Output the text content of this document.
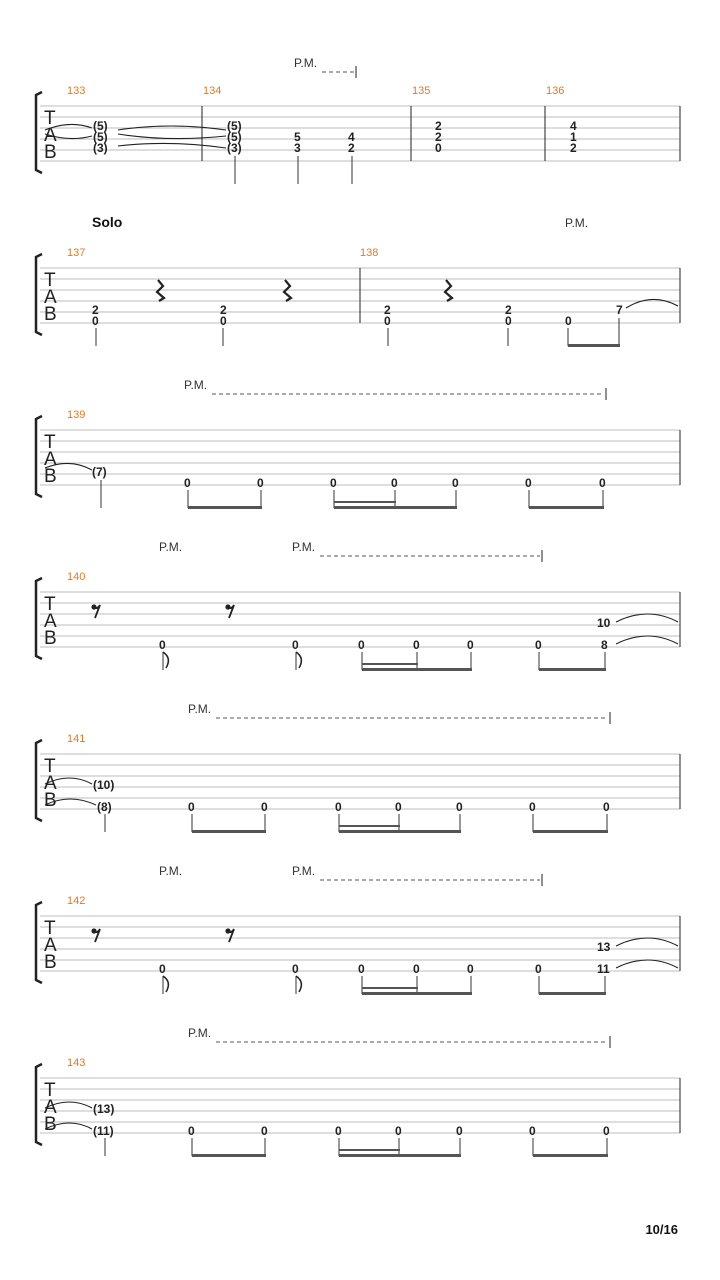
P.M.
133	134	135	136
T
A
B
(5)
(5)
(3)
(5)
(5)
(3)
5
3
4
2
2
2
0
4
1
2
Solo	P.M.
137	138
T
A
B	2
0
2
0
2
0
2
0	0
7
P.M.
139
T
A
B	(7)
0	0	0	0	0	0	0
P.M.	P.M.
140
T
A
B	0	0	0	0	0	0	8
10
P.M.
141
T
A
B
(10)
(8)	0	0	0	0	0	0	0
P.M.	P.M.
142
T
A
B	0	0	0	0	0	0	11
13
P.M.
143
T
A
B
(13)
(11)	0	0	0	0	0	0	0
10/16
